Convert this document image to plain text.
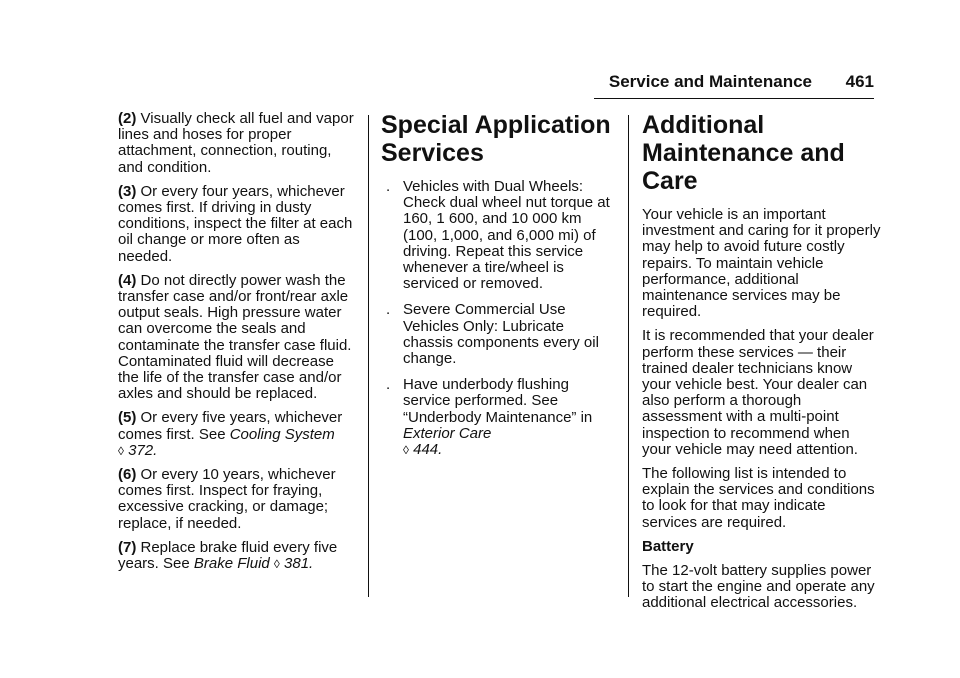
Service and Maintenance 461

(2) Visually check all fuel and vapor lines and hoses for proper attachment, connection, routing, and condition.

(3) Or every four years, whichever comes first. If driving in dusty conditions, inspect the filter at each oil change or more often as needed.

(4) Do not directly power wash the transfer case and/or front/rear axle output seals. High pressure water can overcome the seals and contaminate the transfer case fluid. Contaminated fluid will decrease the life of the transfer case and/or axles and should be replaced.

(5) Or every five years, whichever comes first. See Cooling System
◊ 372.

(6) Or every 10 years, whichever comes first. Inspect for fraying, excessive cracking, or damage; replace, if needed.

(7) Replace brake fluid every five years. See Brake Fluid ◊ 381.

Special Application Services
. Vehicles with Dual Wheels: Check dual wheel nut torque at 160, 1 600, and 10 000 km (100, 1,000, and 6,000 mi) of driving. Repeat this service whenever a tire/wheel is serviced or removed.
. Severe Commercial Use Vehicles Only: Lubricate chassis components every oil change.
. Have underbody flushing service performed. See “Underbody Maintenance” in Exterior Care
◊ 444.
Additional Maintenance and Care

Your vehicle is an important investment and caring for it properly may help to avoid future costly repairs. To maintain vehicle performance, additional maintenance services may be required.

It is recommended that your dealer perform these services — their trained dealer technicians know your vehicle best. Your dealer can also perform a thorough assessment with a multi-point inspection to recommend when your vehicle may need attention.

The following list is intended to explain the services and conditions to look for that may indicate services are required.

Battery

The 12-volt battery supplies power to start the engine and operate any additional electrical accessories.
